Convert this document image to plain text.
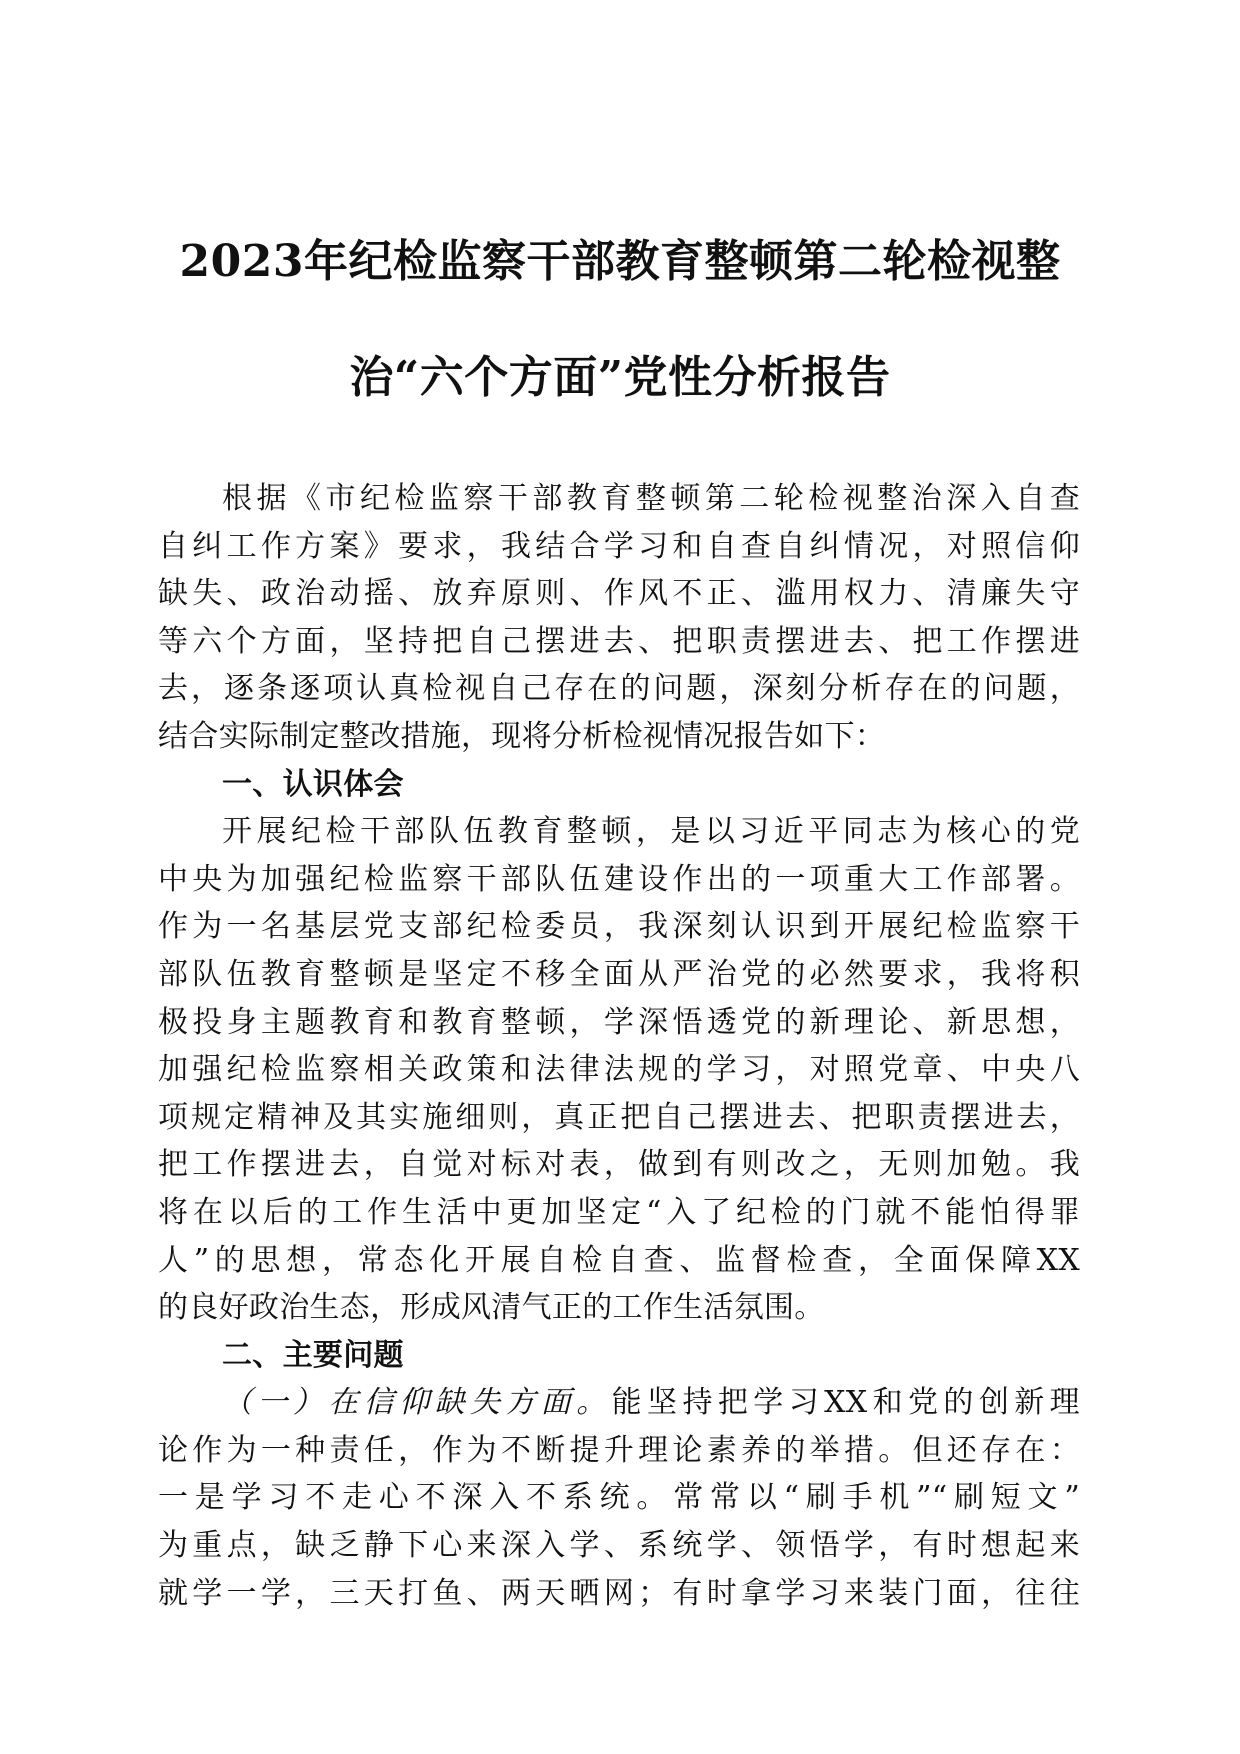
2023年纪检监察干部教育整顿第二轮检视整
治“六个方面”党性分析报告
根据《市纪检监察干部教育整顿第二轮检视整治深入自查
自纠工作方案》要求，我结合学习和自查自纠情况，对照信仰
缺失、政治动摇、放弃原则、作风不正、滥用权力、清廉失守
等六个方面，坚持把自己摆进去、把职责摆进去、把工作摆进
去，逐条逐项认真检视自己存在的问题，深刻分析存在的问题，
结合实际制定整改措施，现将分析检视情况报告如下：
一、认识体会
开展纪检干部队伍教育整顿，是以习近平同志为核心的党
中央为加强纪检监察干部队伍建设作出的一项重大工作部署。
作为一名基层党支部纪检委员，我深刻认识到开展纪检监察干
部队伍教育整顿是坚定不移全面从严治党的必然要求，我将积
极投身主题教育和教育整顿，学深悟透党的新理论、新思想，
加强纪检监察相关政策和法律法规的学习，对照党章、中央八
项规定精神及其实施细则，真正把自己摆进去、把职责摆进去，
把工作摆进去，自觉对标对表，做到有则改之，无则加勉。我
将在以后的工作生活中更加坚定“入了纪检的门就不能怕得罪
人”的思想，常态化开展自检自查、监督检查，全面保障XX
的良好政治生态，形成风清气正的工作生活氛围。
二、主要问题
（一）在信仰缺失方面。能坚持把学习XX和党的创新理
论作为一种责任，作为不断提升理论素养的举措。但还存在：
一是学习不走心不深入不系统。常常以“刷手机”“刷短文”
为重点，缺乏静下心来深入学、系统学、领悟学，有时想起来
就学一学，三天打鱼、两天晒网；有时拿学习来装门面，往往
